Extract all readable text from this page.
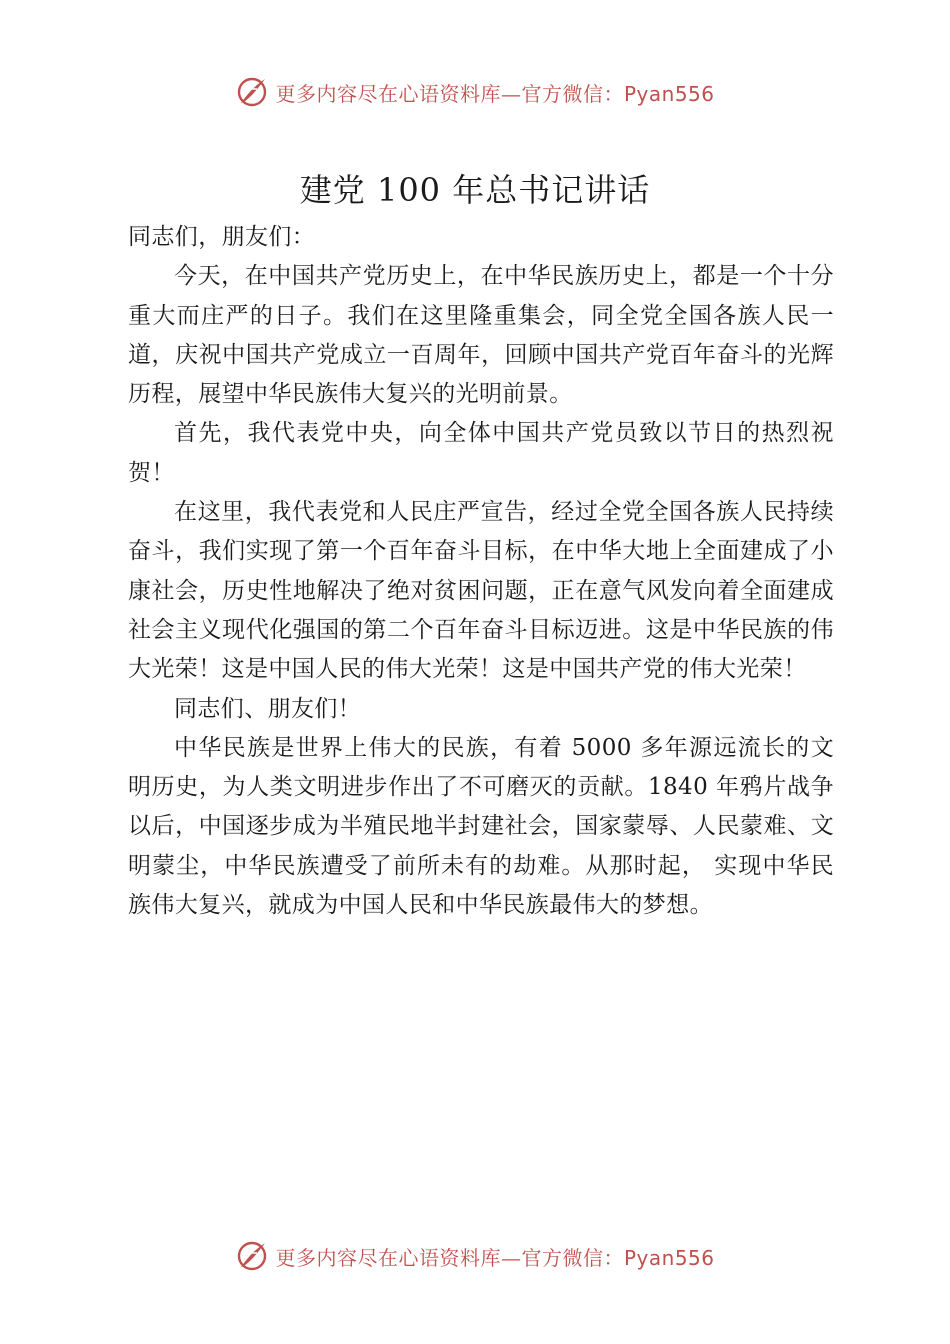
更多内容尽在心语资料库—官方微信：Pyan556
建党 100 年总书记讲话

同志们，朋友们：

今天，在中国共产党历史上，在中华民族历史上，都是一个十分重大而庄严的日子。我们在这里隆重集会，同全党全国各族人民一道，庆祝中国共产党成立一百周年，回顾中国共产党百年奋斗的光辉历程，展望中华民族伟大复兴的光明前景。

首先，我代表党中央，向全体中国共产党员致以节日的热烈祝贺！

在这里，我代表党和人民庄严宣告，经过全党全国各族人民持续奋斗，我们实现了第一个百年奋斗目标，在中华大地上全面建成了小康社会，历史性地解决了绝对贫困问题，正在意气风发向着全面建成社会主义现代化强国的第二个百年奋斗目标迈进。这是中华民族的伟大光荣！这是中国人民的伟大光荣！这是中国共产党的伟大光荣！

同志们、朋友们！

中华民族是世界上伟大的民族，有着 5000 多年源远流长的文明历史，为人类文明进步作出了不可磨灭的贡献。1840 年鸦片战争以后，中国逐步成为半殖民地半封建社会，国家蒙辱、人民蒙难、文明蒙尘，中华民族遭受了前所未有的劫难。从那时起， 实现中华民族伟大复兴，就成为中国人民和中华民族最伟大的梦想。

更多内容尽在心语资料库—官方微信：Pyan556
